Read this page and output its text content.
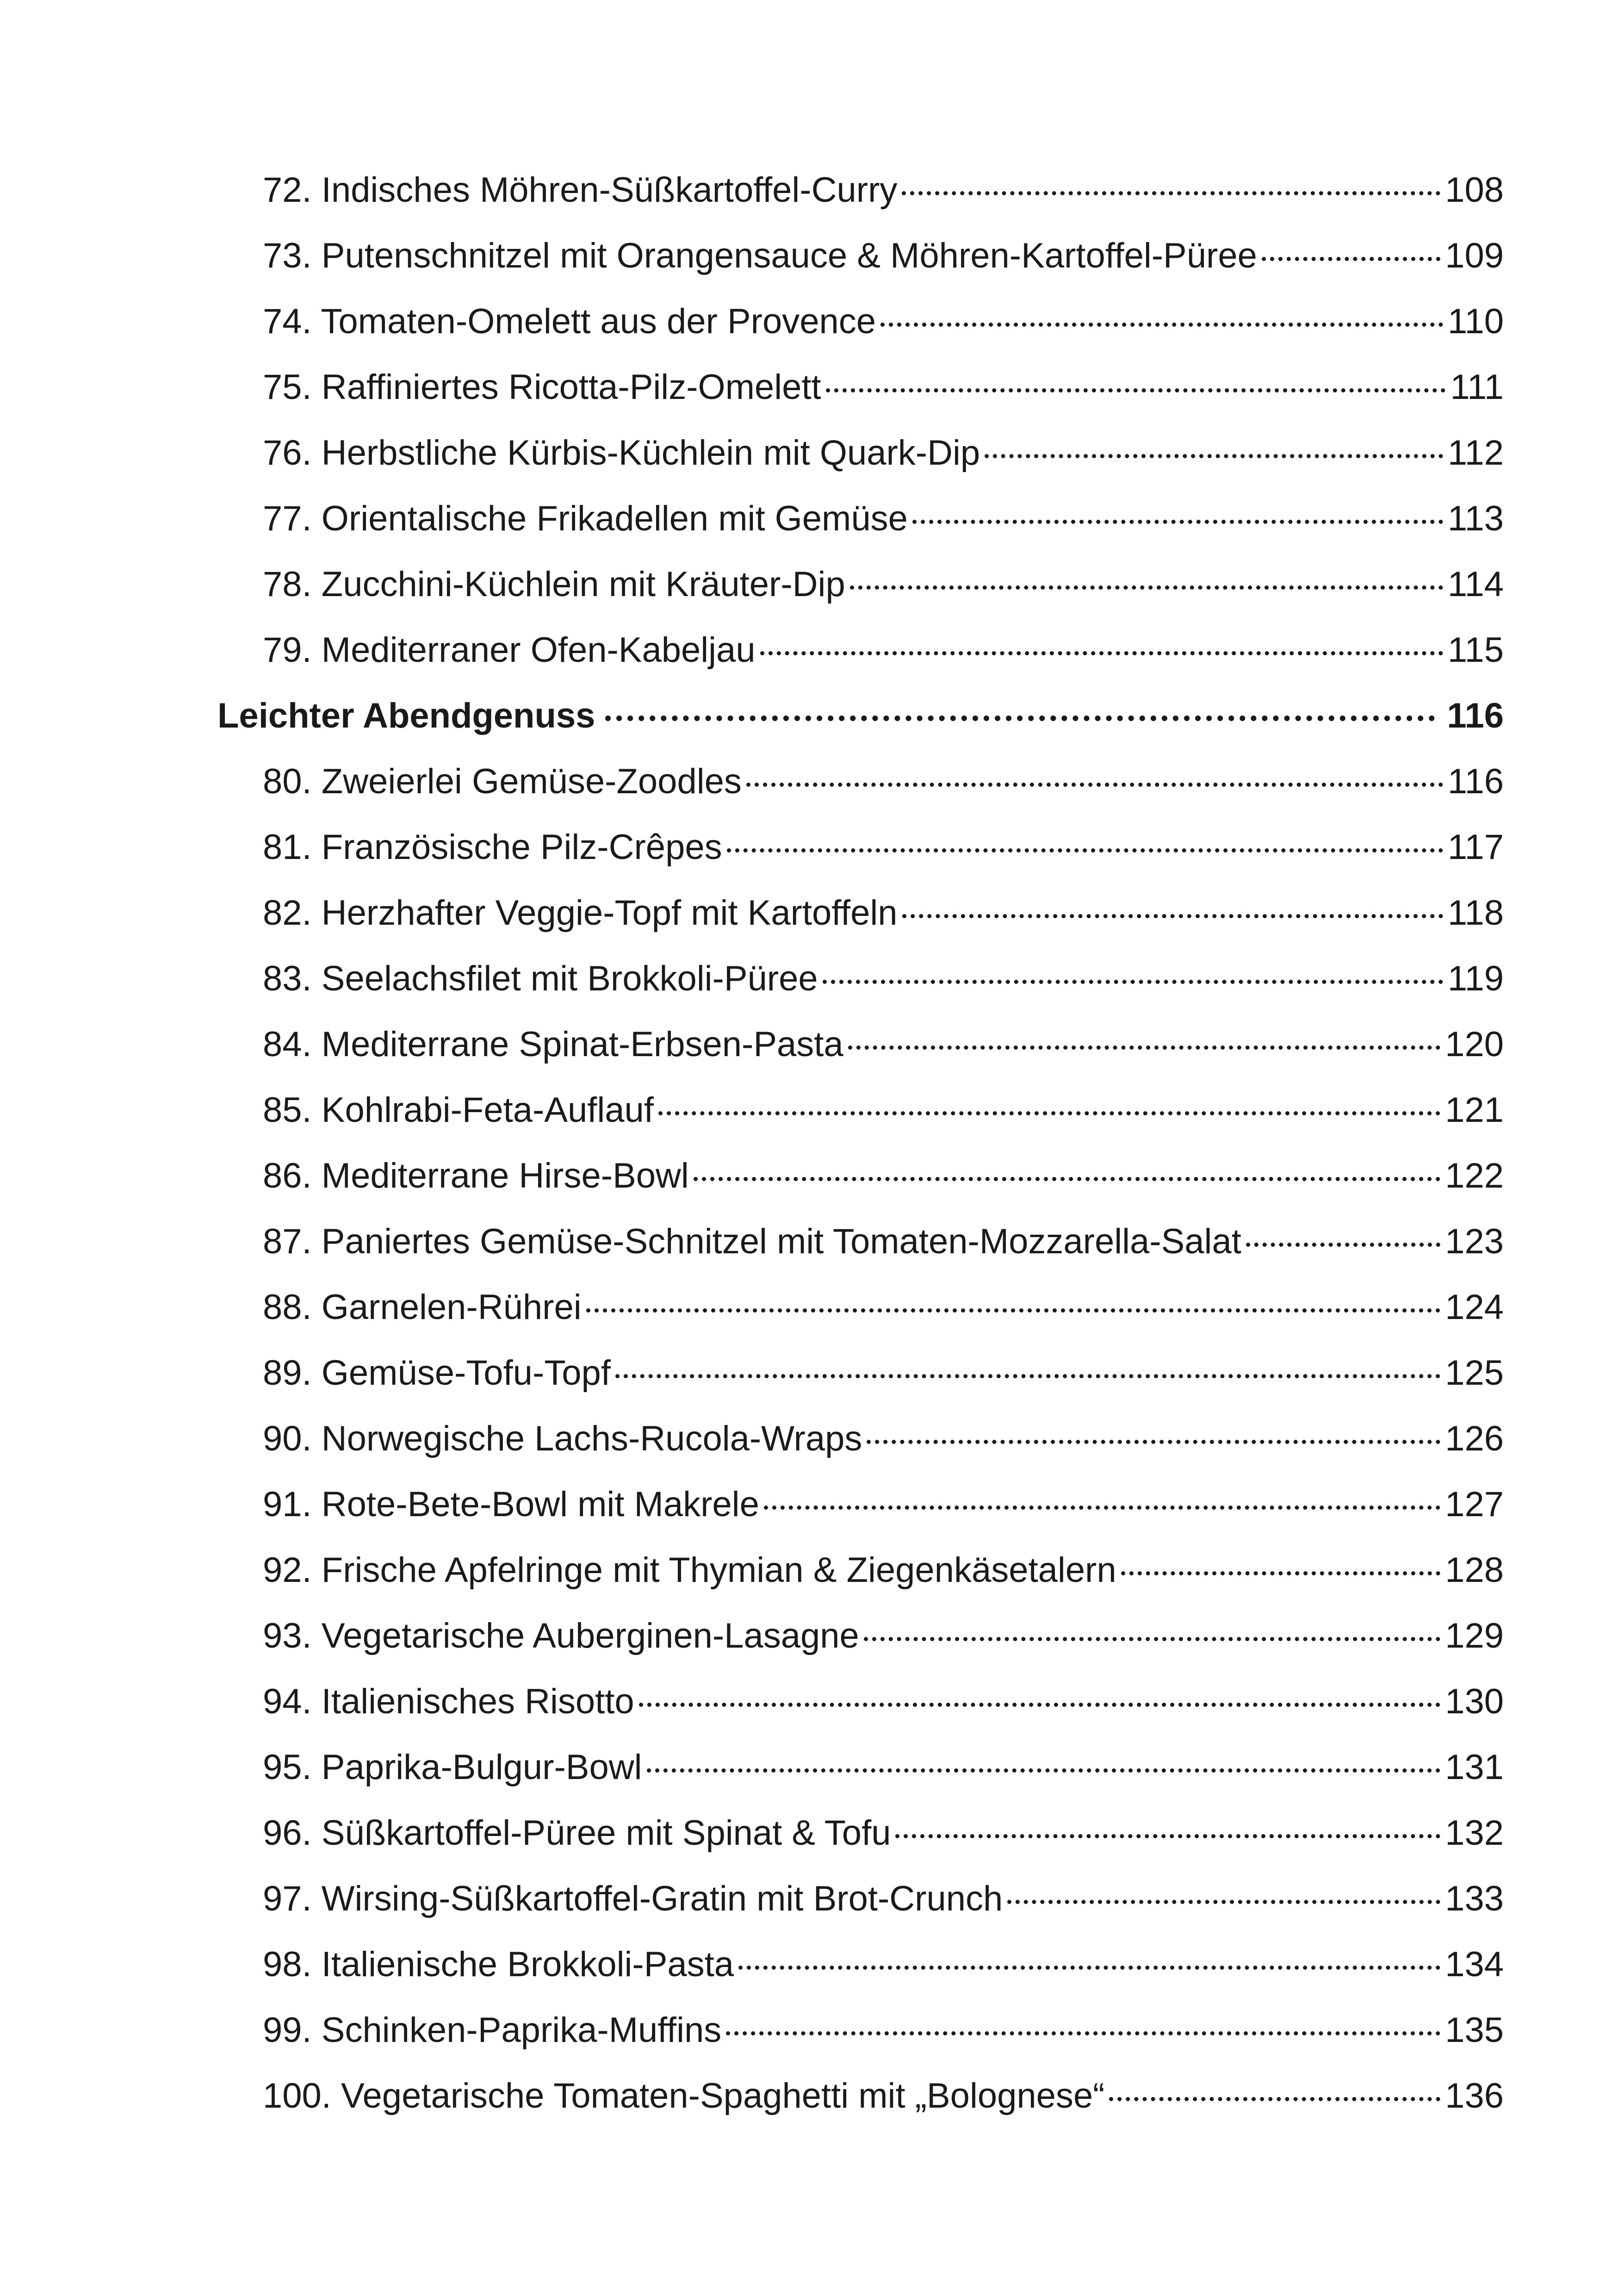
72. Indisches Möhren-Süßkartoffel-Curry	108
73. Putenschnitzel mit Orangensauce & Möhren-Kartoffel-Püree	109
74. Tomaten-Omelett aus der Provence	110
75. Raffiniertes Ricotta-Pilz-Omelett	111
76. Herbstliche Kürbis-Küchlein mit Quark-Dip	112
77. Orientalische Frikadellen mit Gemüse	113
78. Zucchini-Küchlein mit Kräuter-Dip	114
79. Mediterraner Ofen-Kabeljau	115
Leichter Abendgenuss	116
80. Zweierlei Gemüse-Zoodles	116
81. Französische Pilz-Crêpes	117
82. Herzhafter Veggie-Topf mit Kartoffeln	118
83. Seelachsfilet mit Brokkoli-Püree	119
84. Mediterrane Spinat-Erbsen-Pasta	120
85. Kohlrabi-Feta-Auflauf	121
86. Mediterrane Hirse-Bowl	122
87. Paniertes Gemüse-Schnitzel mit Tomaten-Mozzarella-Salat	123
88. Garnelen-Rührei	124
89. Gemüse-Tofu-Topf	125
90. Norwegische Lachs-Rucola-Wraps	126
91. Rote-Bete-Bowl mit Makrele	127
92. Frische Apfelringe mit Thymian & Ziegenkäsetalern	128
93. Vegetarische Auberginen-Lasagne	129
94. Italienisches Risotto	130
95. Paprika-Bulgur-Bowl	131
96. Süßkartoffel-Püree mit Spinat & Tofu	132
97. Wirsing-Süßkartoffel-Gratin mit Brot-Crunch	133
98. Italienische Brokkoli-Pasta	134
99. Schinken-Paprika-Muffins	135
100. Vegetarische Tomaten-Spaghetti mit „Bolognese“	136
